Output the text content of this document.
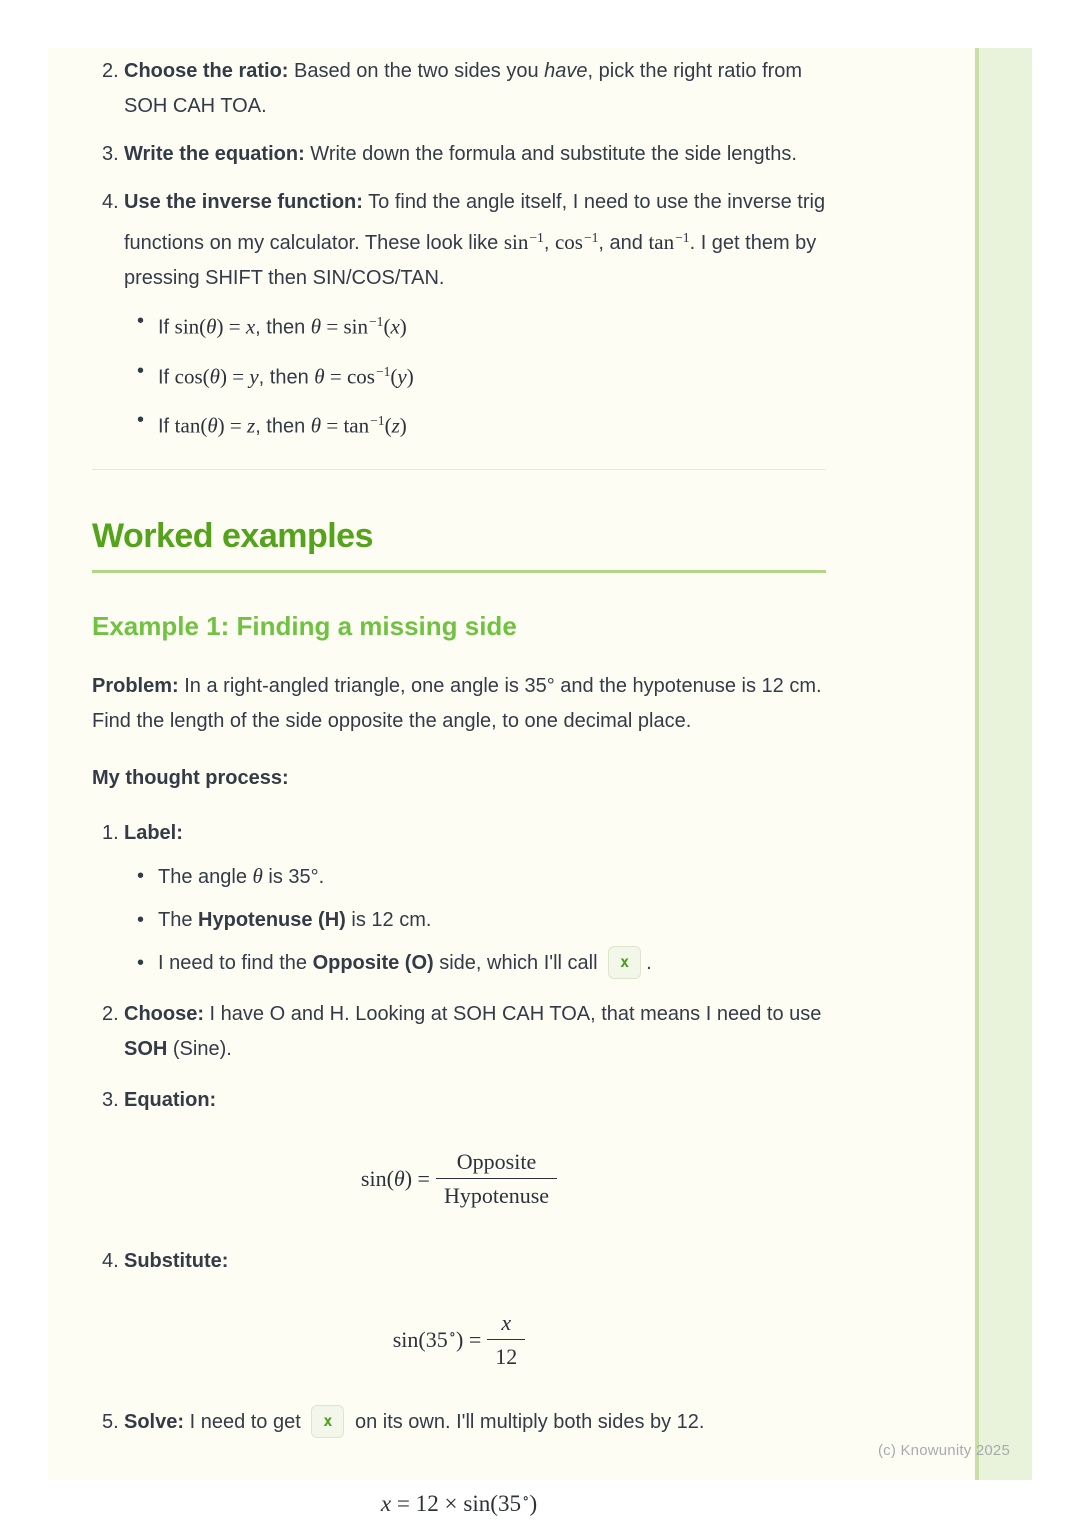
2. Choose the ratio: Based on the two sides you have, pick the right ratio from SOH CAH TOA.
3. Write the equation: Write down the formula and substitute the side lengths.
4. Use the inverse function: To find the angle itself, I need to use the inverse trig functions on my calculator. These look like $\sin^{-1}$, $\cos^{-1}$, and $\tan^{-1}$. I get them by pressing SHIFT then SIN/COS/TAN.
•
If sin(θ) = x, then $\theta = \sin^{-1}(x)$
•
If cos(θ) = y, then $\theta = \cos^{-1}(y)$
•
If tan(θ) = z, then $\theta = \tan^{-1}(z)$
Worked examples
Example 1: Finding a missing side
Problem: In a right-angled triangle, one angle is 35° and the hypotenuse is 12 cm. Find the length of the side opposite the angle, to one decimal place.
My thought process:
1. Label:
•
The angle θ is 35°.
•
The Hypotenuse (H) is 12 cm.
•
I need to find the Opposite (O) side, which I'll call x .
2. Choose: I have O and H. Looking at SOH CAH TOA, that means I need to use SOH (Sine).
3. Equation:
$\sin(\theta) = \frac{\text{Opposite}}{\text{Hypotenuse}}$
4. Substitute:
$\sin(35^\circ) = \frac{x}{12}$
5. Solve: I need to get x on its own. I'll multiply both sides by 12.
x = 12 × sin(35∘)
(c) Knowunity 2025
